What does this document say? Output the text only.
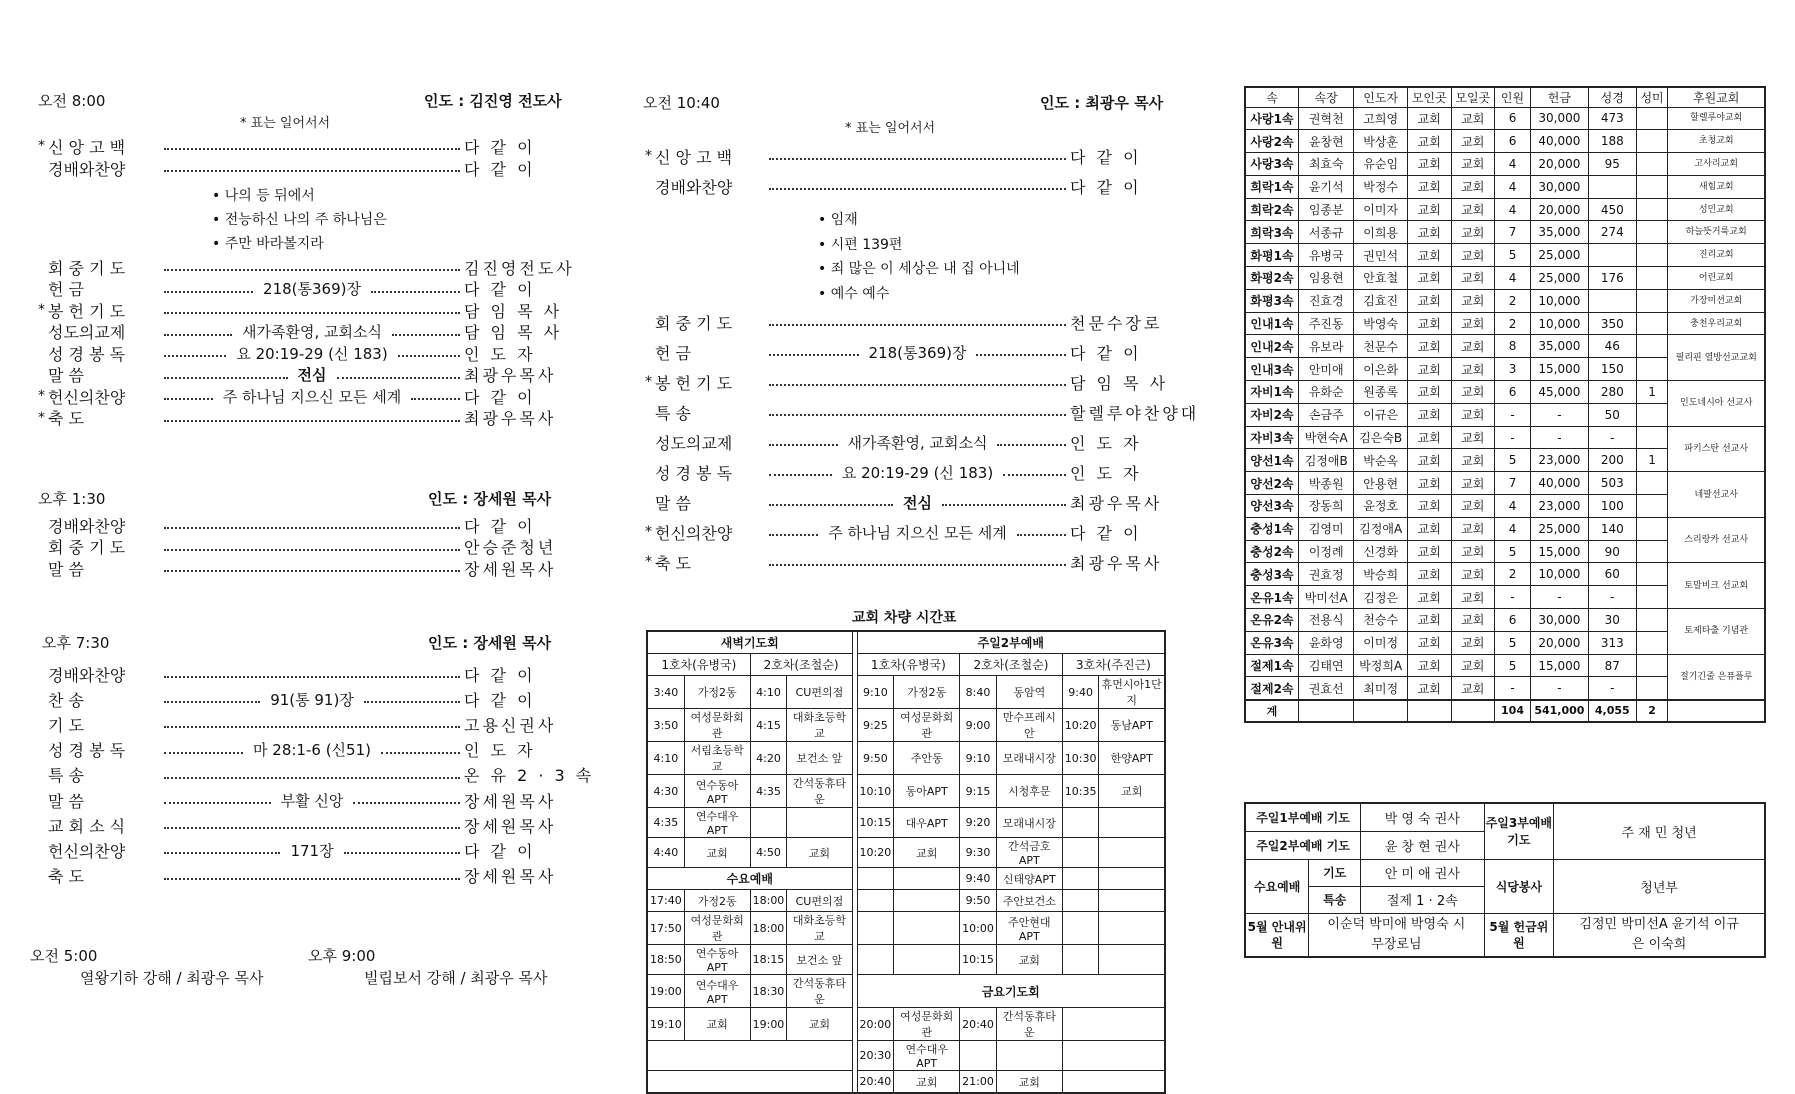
오전 8:00	인도 : 김진영 전도사
* 표는 일어서서
* 신 앙 고 백	다 같 이
경배와찬양	다 같 이
• 나의 등 뒤에서
• 전능하신 나의 주 하나님은
• 주만 바라볼지라
회 중 기 도	김진영전도사
헌 금	218(통369)장	다 같 이
* 봉 헌 기 도	담 임 목 사
성도의교제	새가족환영, 교회소식	담 임 목 사
성 경 봉 독	요 20:19-29 (신 183)	인 도 자
말 씀	전심	최광우목사
* 헌신의찬양	주 하나님 지으신 모든 세계	다 같 이
* 축 도	최광우목사
오후 1:30	인도 : 장세원 목사
경배와찬양	다 같 이
회 중 기 도	안승준청년
말 씀	장세원목사
오후 7:30	인도 : 장세원 목사
경배와찬양	다 같 이
찬 송	91(통 91)장	다 같 이
기 도	고용신권사
성 경 봉 독	마 28:1-6 (신51)	인 도 자
특 송	온 유 2 · 3 속
말 씀	부활 신앙	장세원목사
교 회 소 식	장세원목사
헌신의찬양	171장	다 같 이
축 도	장세원목사
오전 5:00
열왕기하 강해 / 최광우 목사
오후 9:00
빌립보서 강해 / 최광우 목사
오전 10:40	인도 : 최광우 목사
* 표는 일어서서
* 신 앙 고 백	다 같 이
경배와찬양	다 같 이
• 임재
• 시편 139편
• 죄 많은 이 세상은 내 집 아니네
• 예수 예수
회 중 기 도	천문수장로
헌 금	218(통369)장	다 같 이
* 봉 헌 기 도	담 임 목 사
특 송	할렐루야찬양대
성도의교제	새가족환영, 교회소식	인 도 자
성 경 봉 독	요 20:19-29 (신 183)	인 도 자
말 씀	전심	최광우목사
* 헌신의찬양	주 하나님 지으신 모든 세계	다 같 이
* 축 도	최광우목사
교회 차량 시간표
새벽기도회					주일2부예배					
1호차(유병국)		2호차(조철순)			1호차(유병국)		2호차(조철순)		3호차(주진근)	
3:40	가정2동	4:10	CU편의점		9:10	가정2동	8:40	동암역	9:40	휴먼시아1단지
3:50	여성문화회관	4:15	대화초등학교		9:25	여성문화회관	9:00	만수프레시안	10:20	동남APT
4:10	서림초등학교	4:20	보건소 앞		9:50	주안동	9:10	모래내시장	10:30	한양APT
4:30	연수동아APT	4:35	간석동휴타운		10:10	동아APT	9:15	시청후문	10:35	교회
4:35	연수대우APT				10:15	대우APT	9:20	모래내시장		
4:40	교회	4:50	교회		10:20	교회	9:30	간석금호APT		
수요예배							9:40	신태양APT		
17:40	가정2동	18:00	CU편의점				9:50	주안보건소		
17:50	여성문화회관	18:00	대화초등학교				10:00	주안현대APT		
18:50	연수동아APT	18:15	보건소 앞				10:15	교회		
19:00	연수대우APT	18:30	간석동휴타운		금요기도회					
19:10	교회	19:00	교회		20:00	여성문화회관	20:40	간석동휴타운		
					20:30	연수대우APT				
					20:40	교회	21:00	교회		
속	속장	인도자	모인곳	모일곳	인원	헌금	성경	성미	후원교회
사랑1속	권혁천	고희영	교회	교회	6	30,000	473		할렐루야교회
사랑2속	윤창현	박상훈	교회	교회	6	40,000	188		초청교회
사랑3속	최효숙	유순임	교회	교회	4	20,000	95		고사리교회
희락1속	윤기석	박정수	교회	교회	4	30,000			새힘교회
희락2속	임종분	이미자	교회	교회	4	20,000	450		성민교회
희락3속	서종규	이희용	교회	교회	7	35,000	274		하늘뜻거룩교회
화평1속	유병국	권민석	교회	교회	5	25,000			진리교회
화평2속	임용현	안효철	교회	교회	4	25,000	176		어린교회
화평3속	진효경	김효진	교회	교회	2	10,000			가장미션교회
인내1속	주진동	박영숙	교회	교회	2	10,000	350		충천우리교회
인내2속	유보라	천문수	교회	교회	8	35,000	46		필리핀 열방선교교회
인내3속	안미애	이은화	교회	교회	3	15,000	150		
자비1속	유화순	원종록	교회	교회	6	45,000	280	1	인도네시아 선교사
자비2속	손금주	이규은	교회	교회	-	-	50		
자비3속	박현숙A	김은숙B	교회	교회	-	-	-		파키스탄 선교사
양선1속	김정애B	박순옥	교회	교회	5	23,000	200	1	
양선2속	박종원	안용현	교회	교회	7	40,000	503		네팔선교사
양선3속	장동희	윤정호	교회	교회	4	23,000	100		
충성1속	김영미	김정애A	교회	교회	4	25,000	140		스리랑카 선교사
충성2속	이정례	신경화	교회	교회	5	15,000	90		
충성3속	권효정	박승희	교회	교회	2	10,000	60		토말비크 선교회
온유1속	박미선A	김정은	교회	교회	-	-	-		
온유2속	전용식	천승수	교회	교회	6	30,000	30		토제타출 기념관
온유3속	윤화영	이미정	교회	교회	5	20,000	313		
절제1속	김태연	박정희A	교회	교회	5	15,000	87		절기긴줄 은퓨플루
절제2속	권효선	최미정	교회	교회	-	-	-		
계					104	541,000	4,055	2	
주일1부예배 기도		박 영 숙 권사	주일3부예배 기도	주 재 민 청년
주일2부예배 기도		윤 창 현 권사		
수요예배	기도	안 미 애 권사	식당봉사	청년부
	특송	절제 1 · 2속		
5월 안내위원	이순덕 박미애 박영숙 시무장로님		5월 헌금위원	김정민 박미선A 윤기석 이규은 이숙희
